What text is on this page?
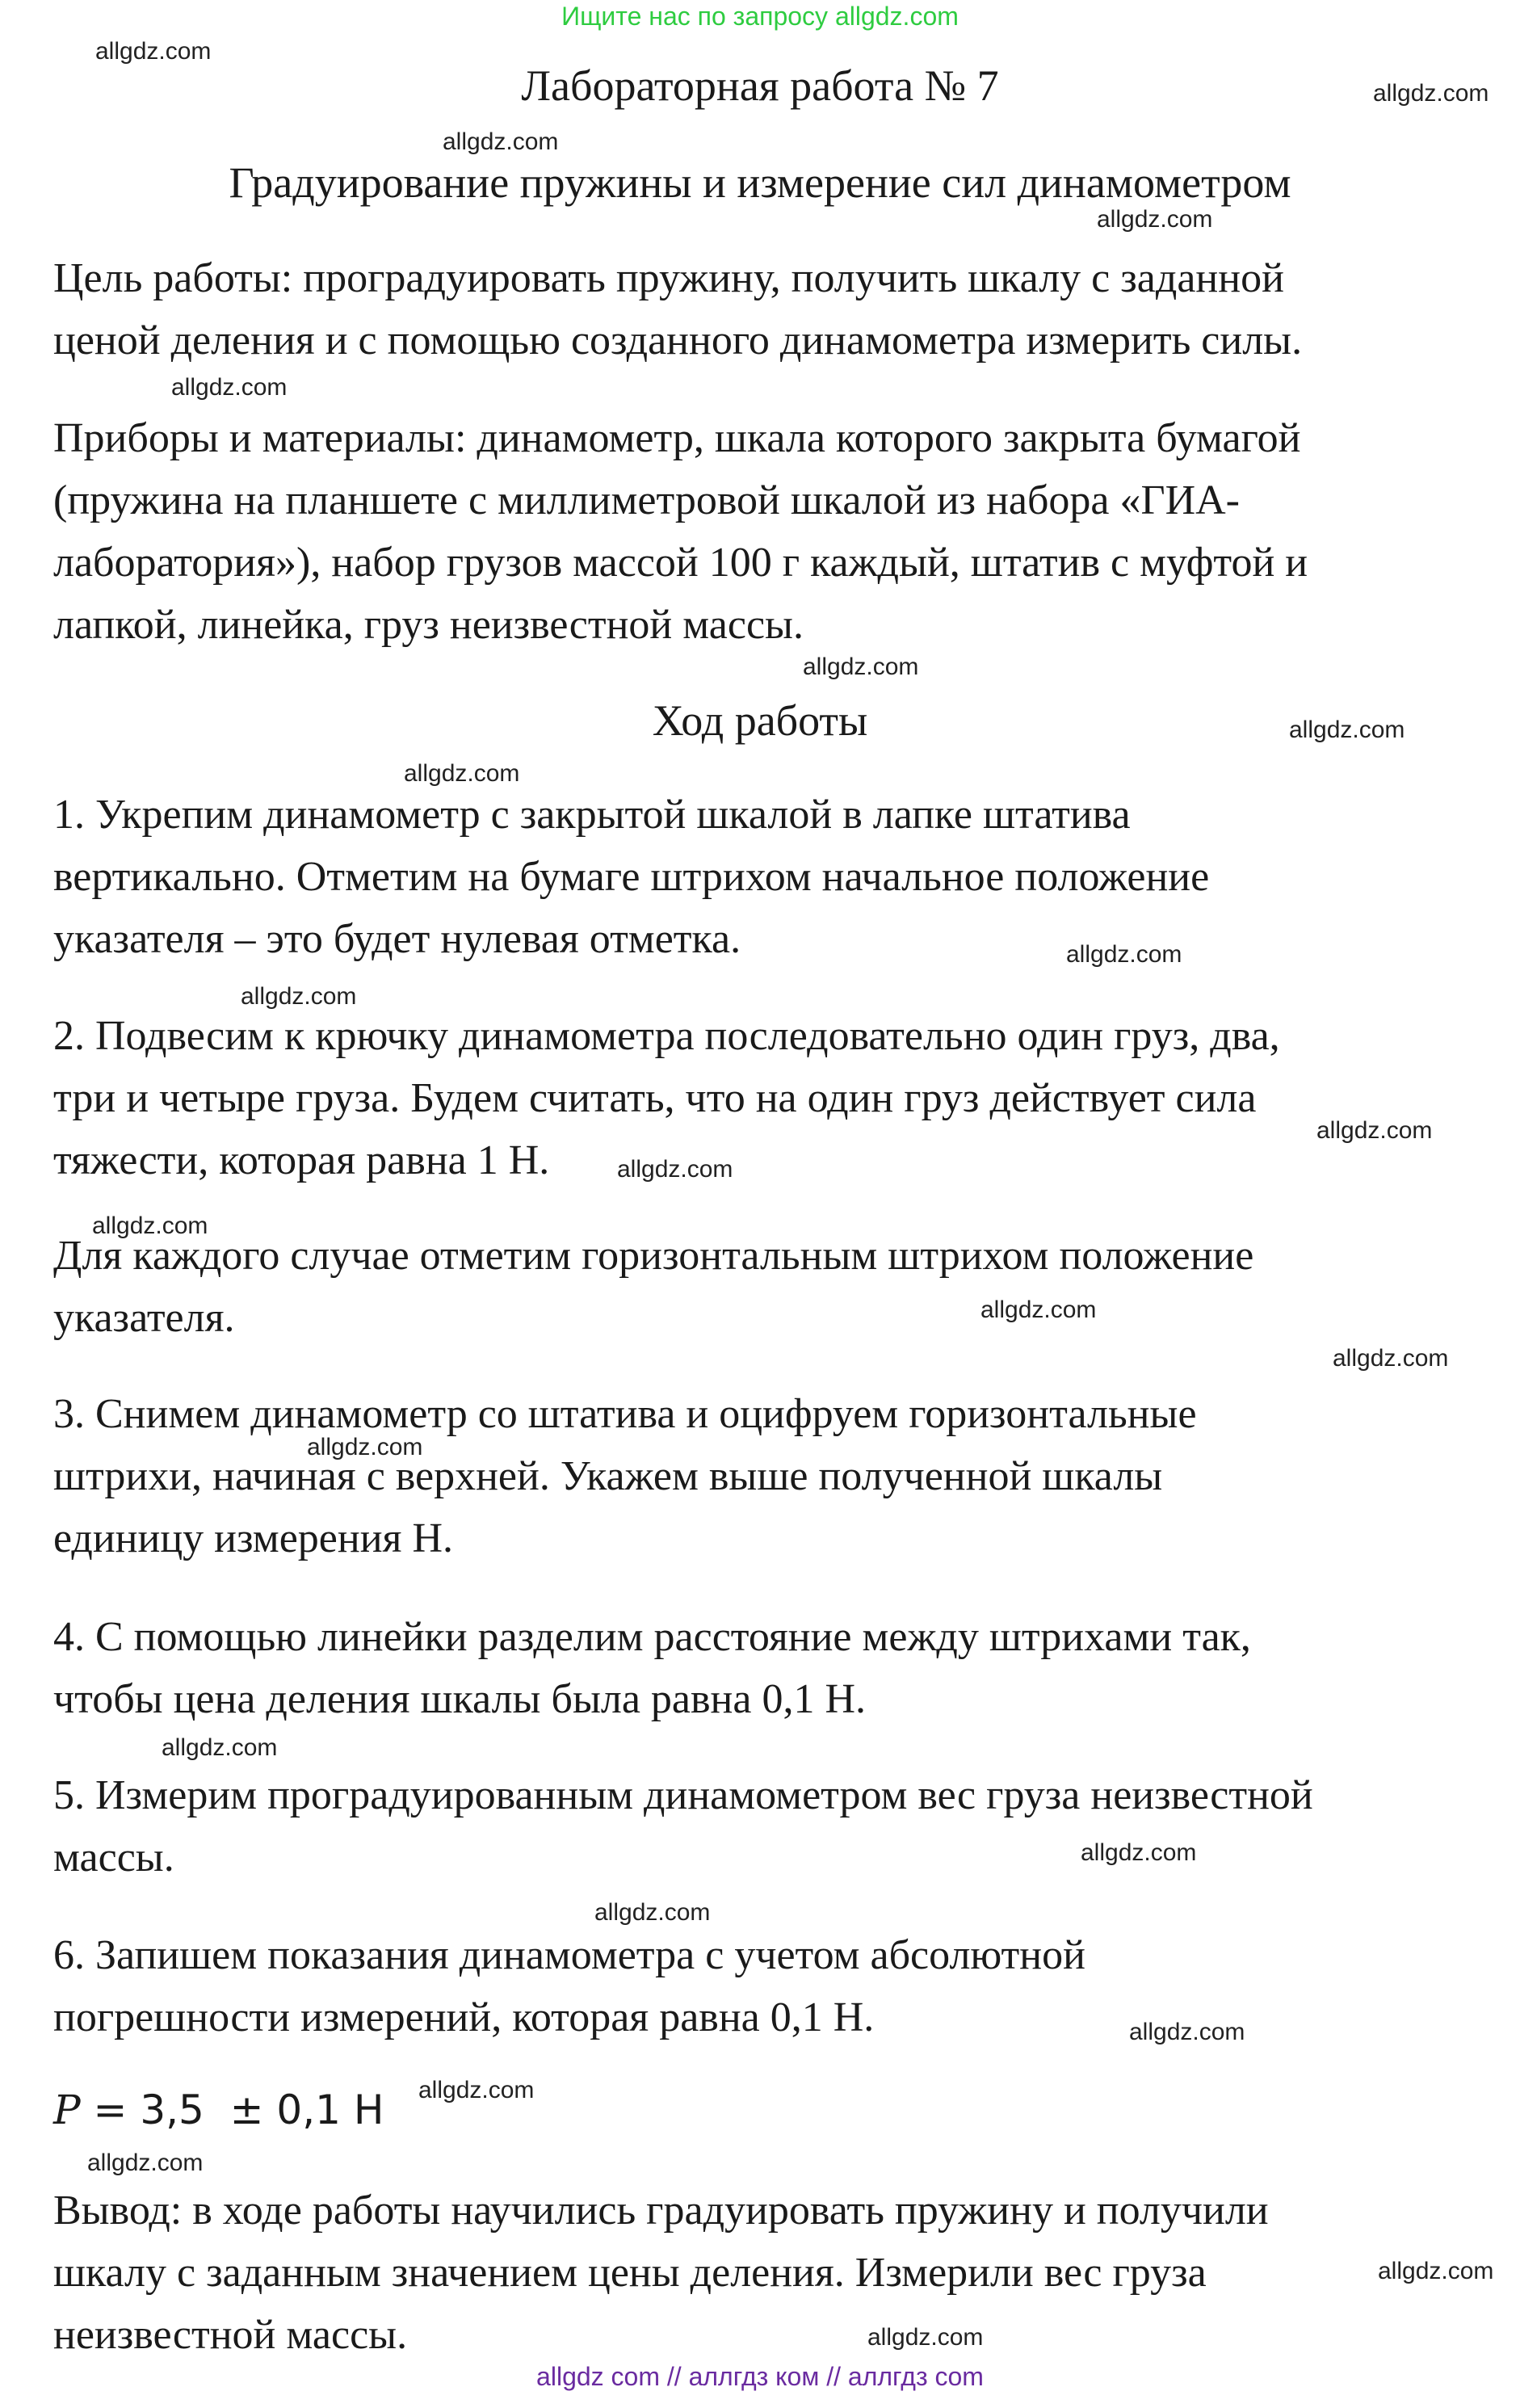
Ищите нас по запросу allgdz.com
Лабораторная работа № 7
Градуирование пружины и измерение сил динамометром
Цель работы: проградуировать пружину, получить шкалу с заданной
ценой деления и с помощью созданного динамометра измерить силы.
Приборы и материалы: динамометр, шкала которого закрыта бумагой
(пружина на планшете с миллиметровой шкалой из набора «ГИА-
лаборатория»), набор грузов массой 100 г каждый, штатив с муфтой и
лапкой, линейка, груз неизвестной массы.
Ход работы
1. Укрепим динамометр с закрытой шкалой в лапке штатива
вертикально. Отметим на бумаге штрихом начальное положение
указателя – это будет нулевая отметка.
2. Подвесим к крючку динамометра последовательно один груз, два,
три и четыре груза. Будем считать, что на один груз действует сила
тяжести, которая равна 1 Н.
Для каждого случае отметим горизонтальным штрихом положение
указателя.
3. Снимем динамометр со штатива и оцифруем горизонтальные
штрихи, начиная с верхней. Укажем выше полученной шкалы
единицу измерения Н.
4. С помощью линейки разделим расстояние между штрихами так,
чтобы цена деления шкалы была равна 0,1 Н.
5. Измерим проградуированным динамометром вес груза неизвестной
массы.
6. Запишем показания динамометра с учетом абсолютной
погрешности измерений, которая равна 0,1 Н.
P = 3,5  ± 0,1 Н
Вывод: в ходе работы научились градуировать пружину и получили
шкалу с заданным значением цены деления. Измерили вес груза
неизвестной массы.
allgdz.com
allgdz.com
allgdz.com
allgdz.com
allgdz.com
allgdz.com
allgdz.com
allgdz.com
allgdz.com
allgdz.com
allgdz.com
allgdz.com
allgdz.com
allgdz.com
allgdz.com
allgdz.com
allgdz.com
allgdz.com
allgdz.com
allgdz.com
allgdz.com
allgdz.com
allgdz.com
allgdz.com
allgdz com // аллгдз ком // аллгдз com
